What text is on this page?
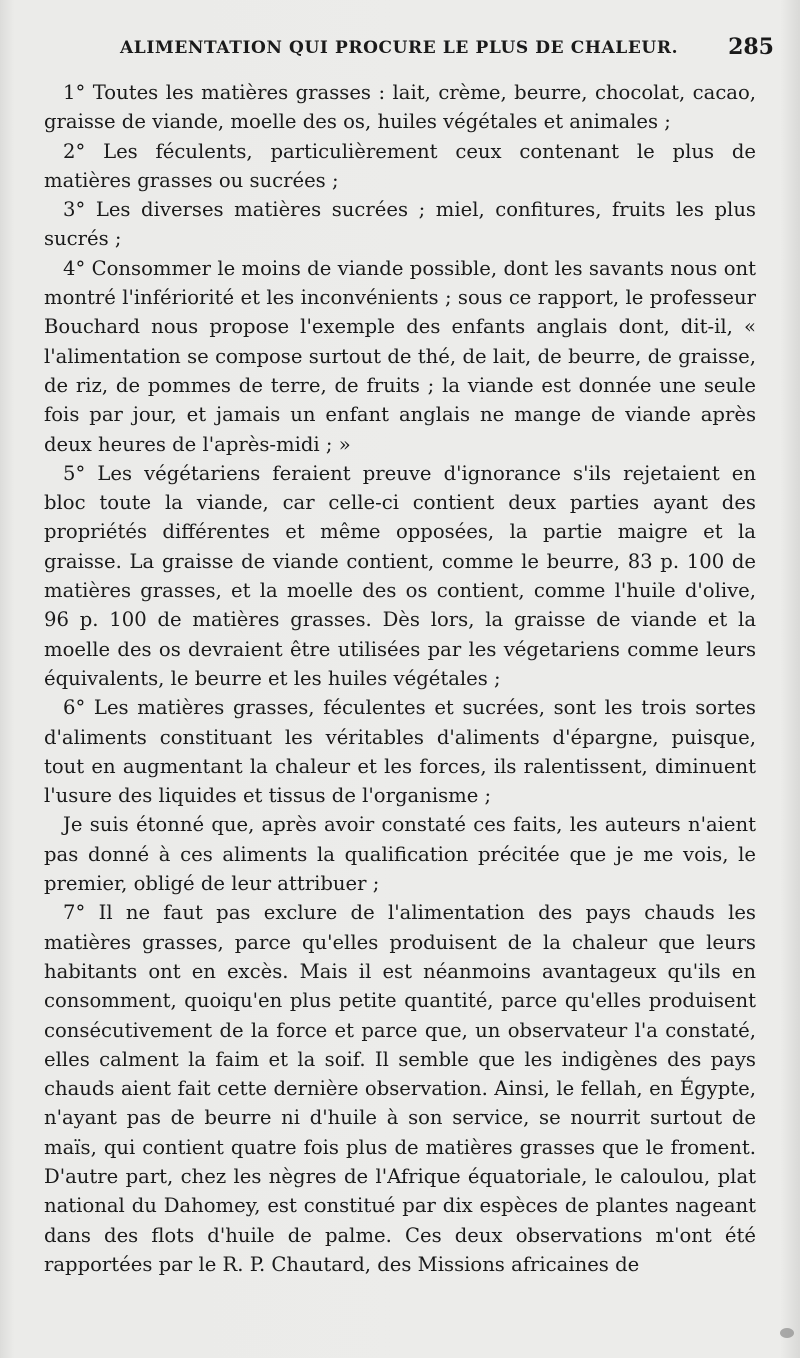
ALIMENTATION QUI PROCURE LE PLUS DE CHALEUR. 285

1° Toutes les matières grasses : lait, crème, beurre, chocolat, cacao, graisse de viande, moelle des os, huiles végétales et animales ;

2° Les féculents, particulièrement ceux contenant le plus de matières grasses ou sucrées ;

3° Les diverses matières sucrées ; miel, confitures, fruits les plus sucrés ;

4° Consommer le moins de viande possible, dont les savants nous ont montré l'infériorité et les inconvénients ; sous ce rapport, le professeur Bouchard nous propose l'exemple des enfants anglais dont, dit-il, « l'alimentation se compose surtout de thé, de lait, de beurre, de graisse, de riz, de pommes de terre, de fruits ; la viande est donnée une seule fois par jour, et jamais un enfant anglais ne mange de viande après deux heures de l'après-midi ; »

5° Les végétariens feraient preuve d'ignorance s'ils rejetaient en bloc toute la viande, car celle-ci contient deux parties ayant des propriétés différentes et même opposées, la partie maigre et la graisse. La graisse de viande contient, comme le beurre, 83 p. 100 de matières grasses, et la moelle des os contient, comme l'huile d'olive, 96 p. 100 de matières grasses. Dès lors, la graisse de viande et la moelle des os devraient être utilisées par les végetariens comme leurs équivalents, le beurre et les huiles végétales ;

6° Les matières grasses, féculentes et sucrées, sont les trois sortes d'aliments constituant les véritables d'aliments d'épargne, puisque, tout en augmentant la chaleur et les forces, ils ralentissent, diminuent l'usure des liquides et tissus de l'organisme ;

Je suis étonné que, après avoir constaté ces faits, les auteurs n'aient pas donné à ces aliments la qualification précitée que je me vois, le premier, obligé de leur attribuer ;

7° Il ne faut pas exclure de l'alimentation des pays chauds les matières grasses, parce qu'elles produisent de la chaleur que leurs habitants ont en excès. Mais il est néanmoins avantageux qu'ils en consomment, quoiqu'en plus petite quantité, parce qu'elles produisent consécutivement de la force et parce que, un observateur l'a constaté, elles calment la faim et la soif. Il semble que les indigènes des pays chauds aient fait cette dernière observation. Ainsi, le fellah, en Égypte, n'ayant pas de beurre ni d'huile à son service, se nourrit surtout de maïs, qui contient quatre fois plus de matières grasses que le froment. D'autre part, chez les nègres de l'Afrique équatoriale, le caloulou, plat national du Dahomey, est constitué par dix espèces de plantes nageant dans des flots d'huile de palme. Ces deux observations m'ont été rapportées par le R. P. Chautard, des Missions africaines de
